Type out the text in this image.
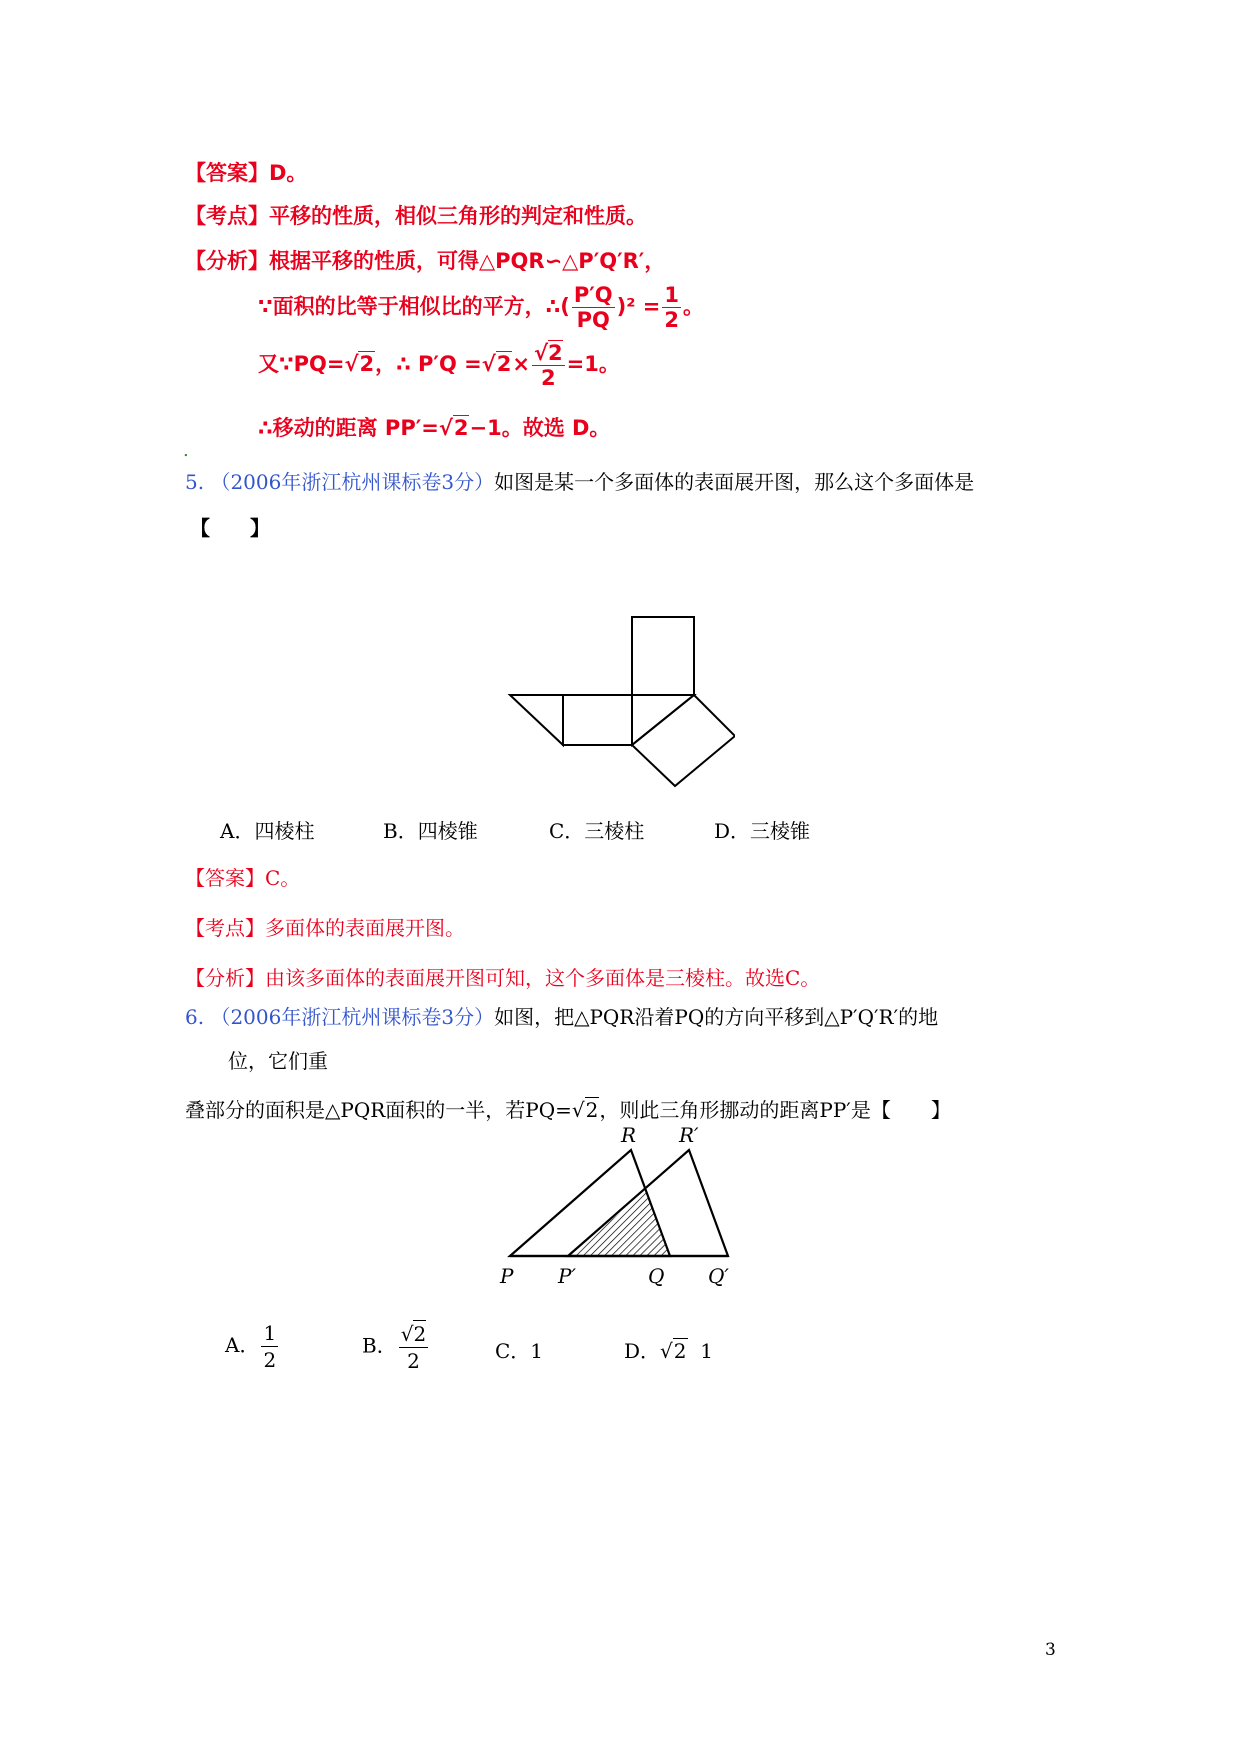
【答案】D。
【考点】平移的性质，相似三角形的判定和性质。
【分析】根据平移的性质，可得△PQR∽△P′Q′R′，
∵面积的比等于相似比的平方，∴( $\frac{P'Q}{PQ} )^2 = \frac{1}{2}$ 。
又∵PQ=√2，∴ $P'Q =√2\times \frac{√2}{2} =1$。
∴移动的距离 PP′=√2−1。故选 D。
.
5. （2006年浙江杭州课标卷3分）如图是某一个多面体的表面展开图，那么这个多面体是
【　　】
A．四棱柱	B．四棱锥	C．三棱柱	D．三棱锥
【答案】C。
【考点】多面体的表面展开图。
【分析】由该多面体的表面展开图可知，这个多面体是三棱柱。故选C。
6. （2006年浙江杭州课标卷3分）如图，把△PQR沿着PQ的方向平移到△P′Q′R′的地
位，它们重
叠部分的面积是△PQR面积的一半，若PQ=√2，则此三角形挪动的距离PP′是【　　】
R R′
P P′	Q Q′
A． $\frac{1}{2}$	B． $\frac{√2}{2}$	C．1	D．√2 1
3
